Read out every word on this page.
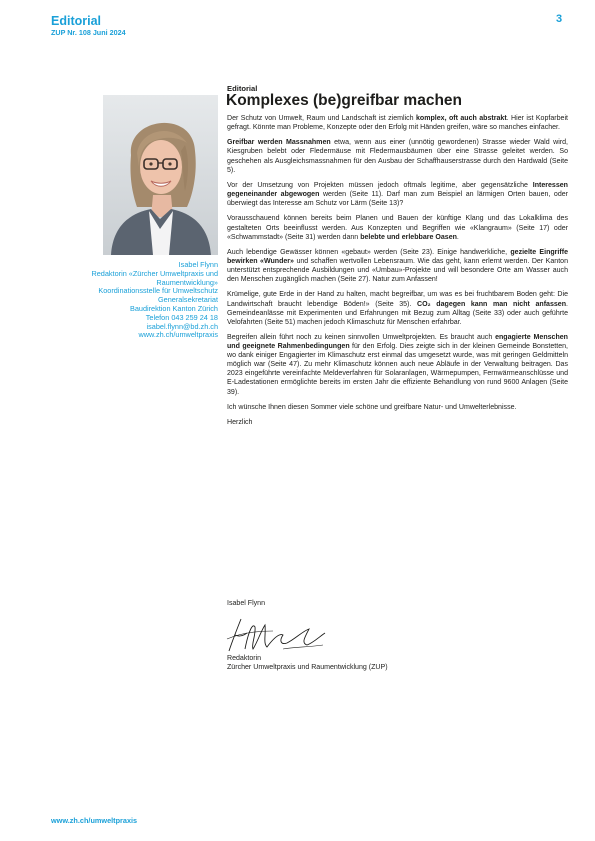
Editorial
ZUP Nr. 108 Juni 2024
3
Isabel Flynn
Redaktorin «Zürcher Umweltpraxis und
Raumentwicklung»
Koordinationsstelle für Umweltschutz
Generalsekretariat
Baudirektion Kanton Zürich
Telefon 043 259 24 18
isabel.flynn@bd.zh.ch
www.zh.ch/umweltpraxis
Editorial
Komplexes (be)greifbar machen

Der Schutz von Umwelt, Raum und Landschaft ist ziemlich komplex, oft auch abstrakt. Hier ist Kopfarbeit gefragt. Könnte man Probleme, Konzepte oder den Erfolg mit Händen greifen, wäre so manches einfacher.

Greifbar werden Massnahmen etwa, wenn aus einer (unnötig gewordenen) Strasse wieder Wald wird, Kiesgruben belebt oder Fledermäuse mit Fledermausbäumen über eine Strasse geleitet werden. So geschehen als Ausgleichsmassnahmen für den Ausbau der Schaffhauserstrasse durch den Hardwald (Seite 5).

Vor der Umsetzung von Projekten müssen jedoch oftmals legitime, aber gegensätzliche Interessen gegeneinander abgewogen werden (Seite 11). Darf man zum Beispiel an lärmigen Orten bauen, oder überwiegt das Interesse am Schutz vor Lärm (Seite 13)?

Vorausschauend können bereits beim Planen und Bauen der künftige Klang und das Lokalklima des gestalteten Orts beeinflusst werden. Aus Konzepten und Begriffen wie «Klangraum» (Seite 17) oder «Schwammstadt» (Seite 31) werden dann belebte und erlebbare Oasen.

Auch lebendige Gewässer können «gebaut» werden (Seite 23). Einige handwerkliche, gezielte Eingriffe bewirken «Wunder» und schaffen wertvollen Lebensraum. Wie das geht, kann erlernt werden. Der Kanton unterstützt entsprechende Ausbildungen und «Umbau»-Projekte und will besondere Orte am Wasser auch den Menschen zugänglich machen (Seite 27). Natur zum Anfassen!

Krümelige, gute Erde in der Hand zu halten, macht begreifbar, um was es bei fruchtbarem Boden geht: Die Landwirtschaft braucht lebendige Böden!» (Seite 35). CO₂ dagegen kann man nicht anfassen. Gemeindeanlässe mit Experimenten und Erfahrungen mit Bezug zum Alltag (Seite 33) oder auch geführte Velofahrten (Seite 51) machen jedoch Klimaschutz für Menschen erfahrbar.

Begreifen allein führt noch zu keinen sinnvollen Umweltprojekten. Es braucht auch engagierte Menschen und geeignete Rahmenbedingungen für den Erfolg. Dies zeigte sich in der kleinen Gemeinde Bonstetten, wo dank einiger Engagierter im Klimaschutz erst einmal das umgesetzt wurde, was mit geringen Geldmitteln möglich war (Seite 47). Zu mehr Klimaschutz können auch neue Abläufe in der Verwaltung beitragen. Das 2023 eingeführte vereinfachte Meldeverfahren für Solaranlagen, Wärmepumpen, Fernwärmeanschlüsse und E-Ladestationen ermöglichte bereits im ersten Jahr die effiziente Behandlung von rund 9600 Anlagen (Seite 39).

Ich wünsche Ihnen diesen Sommer viele schöne und greifbare Natur- und Umwelterlebnisse.

Herzlich

Isabel Flynn
Redaktorin
Zürcher Umweltpraxis und Raumentwicklung (ZUP)
www.zh.ch/umweltpraxis
